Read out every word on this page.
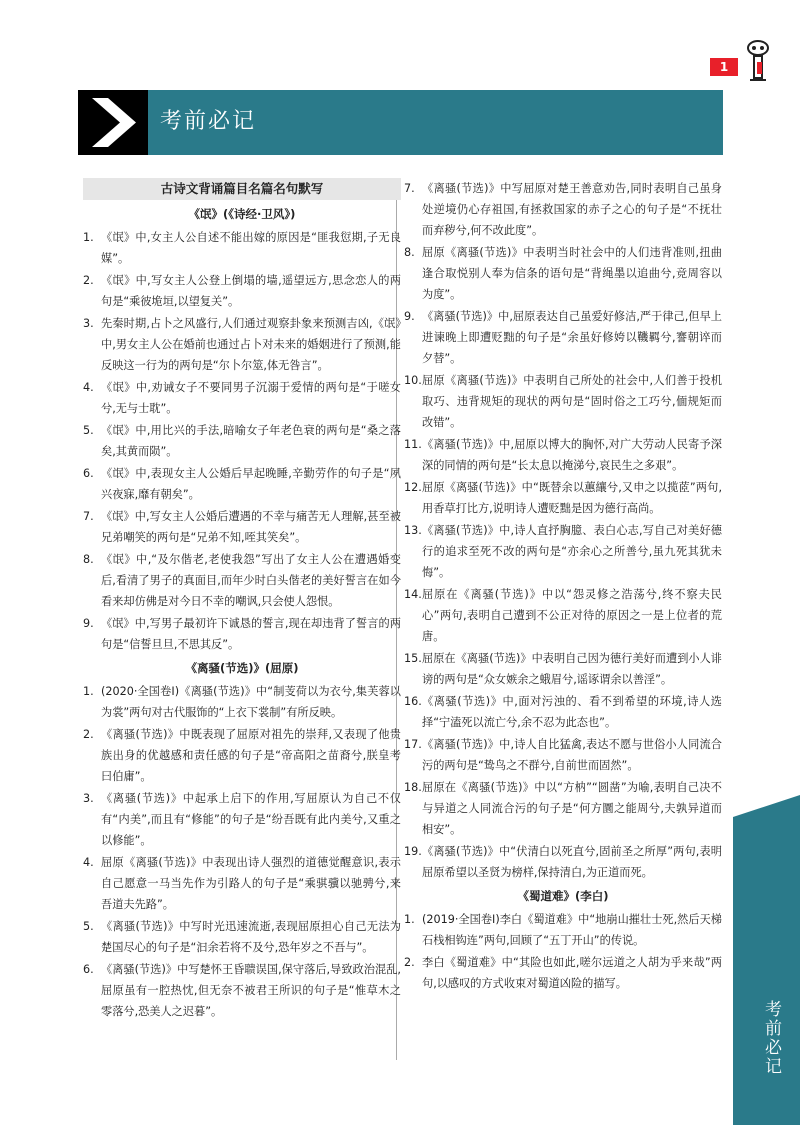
考前必记
1
古诗文背诵篇目名篇名句默写
《氓》(《诗经·卫风》)
1. 《氓》中,女主人公自述不能出嫁的原因是“匪我愆期,子无良媒”。
2. 《氓》中,写女主人公登上倒塌的墙,遥望远方,思念恋人的两句是“乘彼垝垣,以望复关”。
3. 先秦时期,占卜之风盛行,人们通过观察卦象来预测吉凶,《氓》中,男女主人公在婚前也通过占卜对未来的婚姻进行了预测,能反映这一行为的两句是“尔卜尔筮,体无咎言”。
4. 《氓》中,劝诫女子不要同男子沉溺于爱情的两句是“于嗟女兮,无与士耽”。
5. 《氓》中,用比兴的手法,暗喻女子年老色衰的两句是“桑之落矣,其黄而陨”。
6. 《氓》中,表现女主人公婚后早起晚睡,辛勤劳作的句子是“夙兴夜寐,靡有朝矣”。
7. 《氓》中,写女主人公婚后遭遇的不幸与痛苦无人理解,甚至被兄弟嘲笑的两句是“兄弟不知,咥其笑矣”。
8. 《氓》中,“及尔偕老,老使我怨”写出了女主人公在遭遇婚变后,看清了男子的真面目,而年少时白头偕老的美好誓言在如今看来却仿佛是对今日不幸的嘲讽,只会使人怨恨。
9. 《氓》中,写男子最初许下诚恳的誓言,现在却违背了誓言的两句是“信誓旦旦,不思其反”。
《离骚(节选)》(屈原)
1. (2020·全国卷Ⅰ)《离骚(节选)》中“制芰荷以为衣兮,集芙蓉以为裳”两句对古代服饰的“上衣下裳制”有所反映。
2. 《离骚(节选)》中既表现了屈原对祖先的崇拜,又表现了他贵族出身的优越感和责任感的句子是“帝高阳之苗裔兮,朕皇考曰伯庸”。
3. 《离骚(节选)》中起承上启下的作用,写屈原认为自己不仅有“内美”,而且有“修能”的句子是“纷吾既有此内美兮,又重之以修能”。
4. 屈原《离骚(节选)》中表现出诗人强烈的道德觉醒意识,表示自己愿意一马当先作为引路人的句子是“乘骐骥以驰骋兮,来吾道夫先路”。
5. 《离骚(节选)》中写时光迅速流逝,表现屈原担心自己无法为楚国尽心的句子是“汩余若将不及兮,恐年岁之不吾与”。
6. 《离骚(节选)》中写楚怀王昏聩误国,保守落后,导致政治混乱,屈原虽有一腔热忱,但无奈不被君王所识的句子是“惟草木之零落兮,恐美人之迟暮”。
7. 《离骚(节选)》中写屈原对楚王善意劝告,同时表明自己虽身处逆境仍心存祖国,有拯救国家的赤子之心的句子是“不抚壮而弃秽兮,何不改此度”。
8. 屈原《离骚(节选)》中表明当时社会中的人们违背准则,扭曲逢合取悦别人奉为信条的语句是“背绳墨以追曲兮,竞周容以为度”。
9. 《离骚(节选)》中,屈原表达自己虽爱好修洁,严于律己,但早上进谏晚上即遭贬黜的句子是“余虽好修姱以鞿羁兮,謇朝谇而夕替”。
10. 屈原《离骚(节选)》中表明自己所处的社会中,人们善于投机取巧、违背规矩的现状的两句是“固时俗之工巧兮,偭规矩而改错”。
11. 《离骚(节选)》中,屈原以博大的胸怀,对广大劳动人民寄予深深的同情的两句是“长太息以掩涕兮,哀民生之多艰”。
12. 屈原《离骚(节选)》中“既替余以蕙纕兮,又申之以揽茝”两句,用香草打比方,说明诗人遭贬黜是因为德行高尚。
13. 《离骚(节选)》中,诗人直抒胸臆、表白心志,写自己对美好德行的追求至死不改的两句是“亦余心之所善兮,虽九死其犹未悔”。
14. 屈原在《离骚(节选)》中以“怨灵修之浩荡兮,终不察夫民心”两句,表明自己遭到不公正对待的原因之一是上位者的荒唐。
15. 屈原在《离骚(节选)》中表明自己因为德行美好而遭到小人诽谤的两句是“众女嫉余之蛾眉兮,谣诼谓余以善淫”。
16. 《离骚(节选)》中,面对污浊的、看不到希望的环境,诗人选择“宁溘死以流亡兮,余不忍为此态也”。
17. 《离骚(节选)》中,诗人自比猛禽,表达不愿与世俗小人同流合污的两句是“鸷鸟之不群兮,自前世而固然”。
18. 屈原在《离骚(节选)》中以“方枘”“圆凿”为喻,表明自己决不与异道之人同流合污的句子是“何方圜之能周兮,夫孰异道而相安”。
19. 《离骚(节选)》中“伏清白以死直兮,固前圣之所厚”两句,表明屈原希望以圣贤为榜样,保持清白,为正道而死。
《蜀道难》(李白)
1. (2019·全国卷Ⅰ)李白《蜀道难》中“地崩山摧壮士死,然后天梯石栈相钩连”两句,回顾了“五丁开山”的传说。
2. 李白《蜀道难》中“其险也如此,嗟尔远道之人胡为乎来哉”两句,以感叹的方式收束对蜀道凶险的描写。
考前必记
